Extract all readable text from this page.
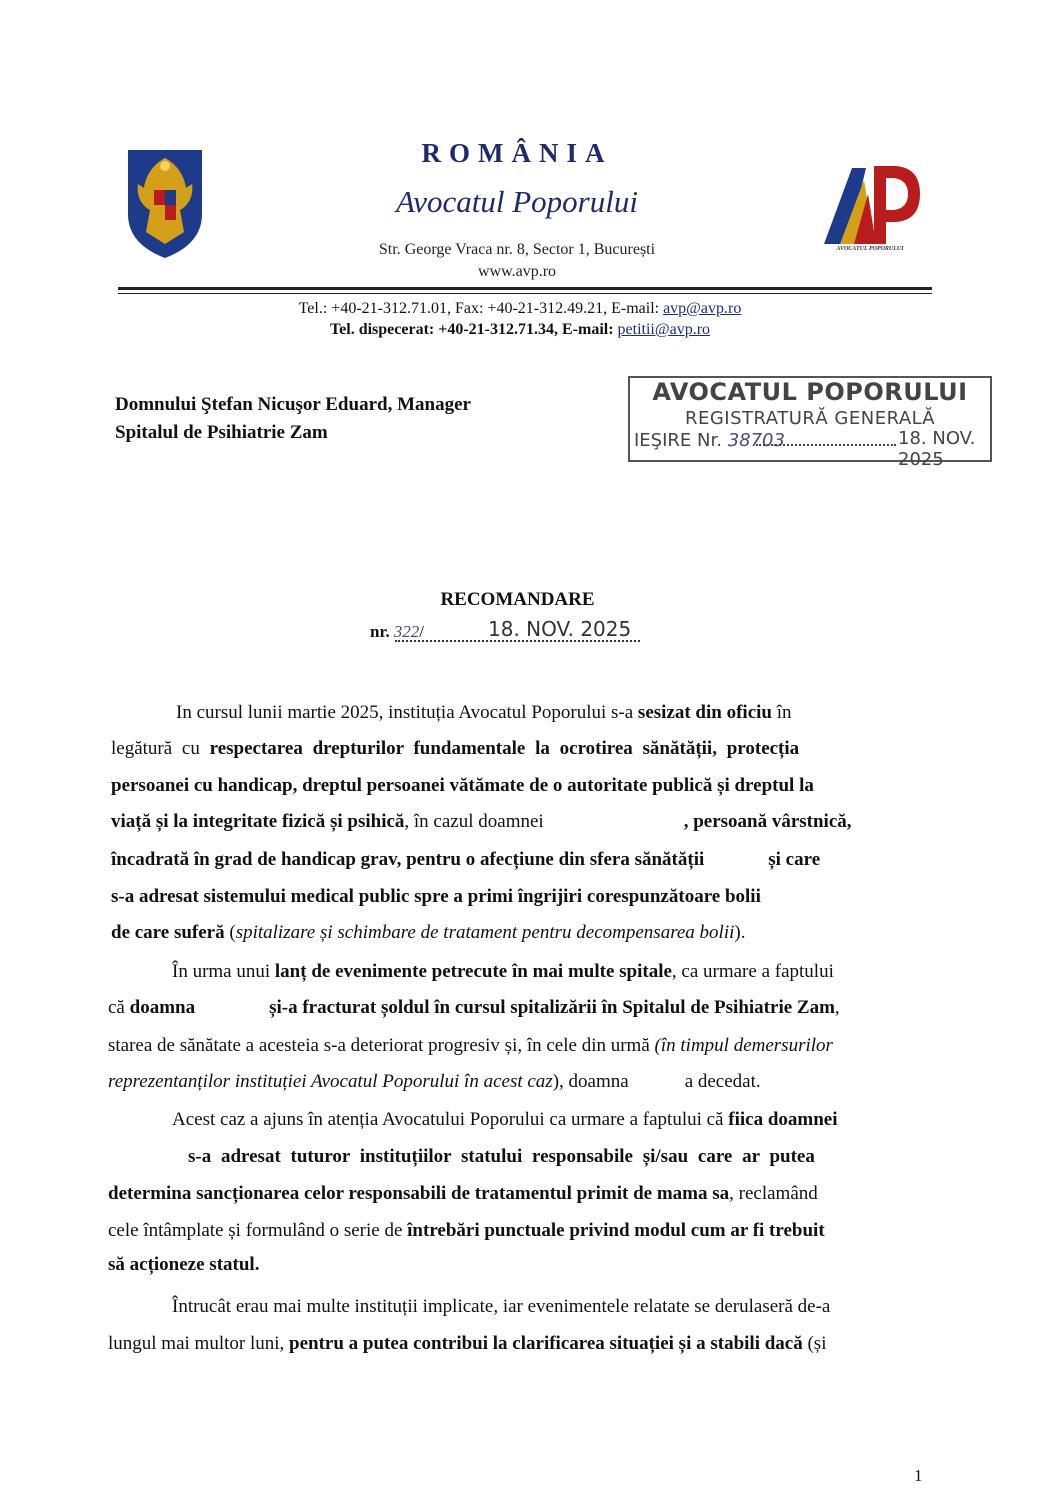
ROMÂNIA
Avocatul Poporului
Str. George Vraca nr. 8, Sector 1, București
www.avp.ro
AVOCATUL POPORULUI
Tel.: +40-21-312.71.01, Fax: +40-21-312.49.21, E-mail: avp@avp.ro
Tel. dispecerat: +40-21-312.71.34, E-mail: petitii@avp.ro
Domnului Ştefan Nicuşor Eduard, Manager
Spitalul de Psihiatrie Zam
AVOCATUL POPORULUI
REGISTRATURĂ GENERALĂ
IEŞIRE Nr. 38703	18. NOV. 2025
RECOMANDARE
nr. 322/	18. NOV. 2025
In cursul lunii martie 2025, instituția Avocatul Poporului s-a sesizat din oficiu în
legătură cu respectarea drepturilor fundamentale la ocrotirea sănătății, protecția
persoanei cu handicap, dreptul persoanei vătămate de o autoritate publică și dreptul la
viață și la integritate fizică și psihică, în cazul doamnei	, persoană vârstnică,
încadrată în grad de handicap grav, pentru o afecțiune din sfera sănătății	și care
s-a adresat sistemului medical public spre a primi îngrijiri corespunzătoare bolii
de care suferă (spitalizare și schimbare de tratament pentru decompensarea bolii).
În urma unui lanț de evenimente petrecute în mai multe spitale, ca urmare a faptului
că doamna	și-a fracturat șoldul în cursul spitalizării în Spitalul de Psihiatrie Zam,
starea de sănătate a acesteia s-a deteriorat progresiv și, în cele din urmă (în timpul demersurilor
reprezentanților instituției Avocatul Poporului în acest caz), doamna	a decedat.
Acest caz a ajuns în atenția Avocatului Poporului ca urmare a faptului că fiica doamnei
s-a adresat tuturor instituțiilor statului responsabile și/sau care ar putea
determina sancționarea celor responsabili de tratamentul primit de mama sa, reclamând
cele întâmplate și formulând o serie de întrebări punctuale privind modul cum ar fi trebuit
să acționeze statul.
Întrucât erau mai multe instituții implicate, iar evenimentele relatate se derulaseră de-a
lungul mai multor luni, pentru a putea contribui la clarificarea situației și a stabili dacă (și
1
